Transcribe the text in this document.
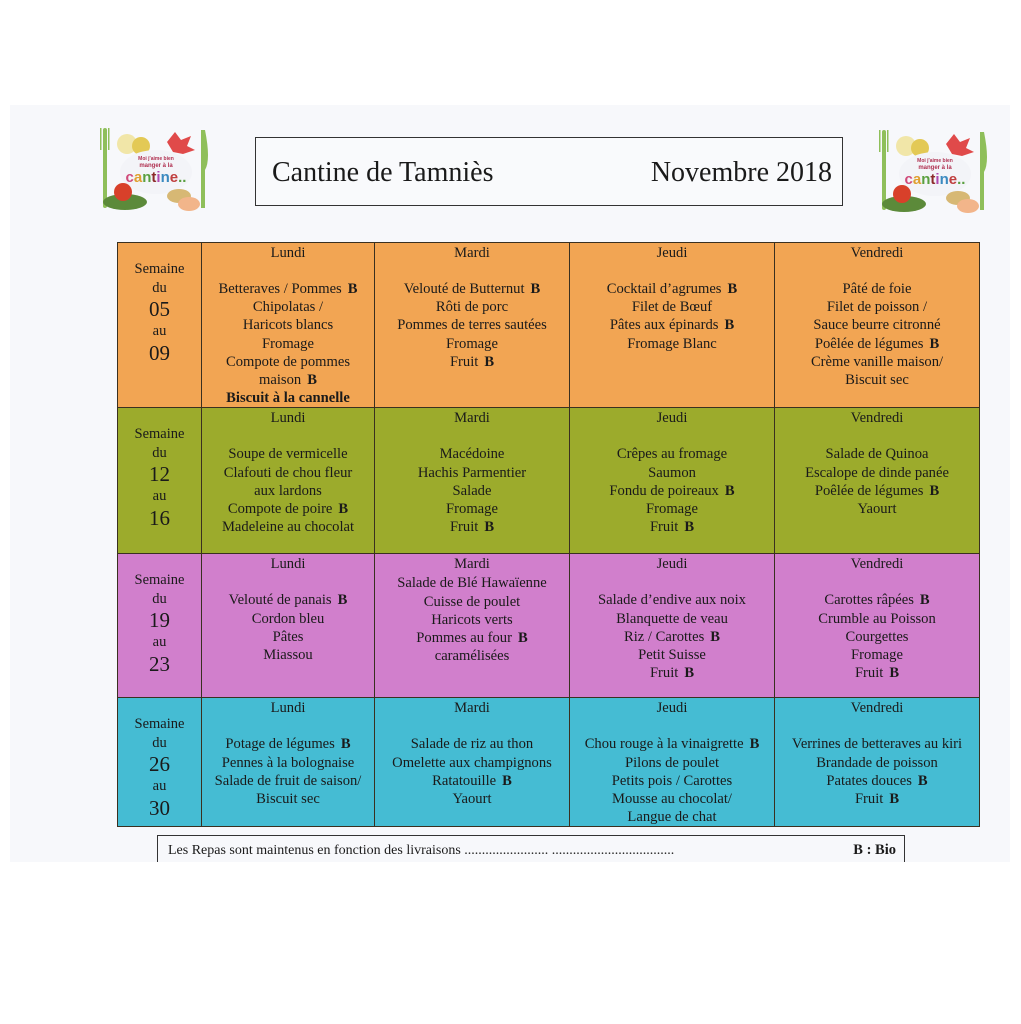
Moi j'aime bien
manger à la
cantine..
Moi j'aime bien
manger à la
cantine..
Cantine de Tamniès	Novembre 2018
Semaine
du
05
au
09

Lundi
Betteraves / Pommes B
Chipolatas /
Haricots blancs
Fromage
Compote de pommes
maison B
Biscuit à la cannelle

Mardi
Velouté de Butternut B
Rôti de porc
Pommes de terres sautées
Fromage
Fruit B

Jeudi
Cocktail d’agrumes B
Filet de Bœuf
Pâtes aux épinards B
Fromage Blanc

Vendredi
Pâté de foie
Filet de poisson /
Sauce beurre citronné
Poêlée de légumes B
Crème vanille maison/
Biscuit sec

Semaine
du
12
au
16

Lundi
Soupe de vermicelle
Clafouti de chou fleur
aux lardons
Compote de poire B
Madeleine au chocolat

Mardi
Macédoine
Hachis Parmentier
Salade
Fromage
Fruit B

Jeudi
Crêpes au fromage
Saumon
Fondu de poireaux B
Fromage
Fruit B

Vendredi
Salade de Quinoa
Escalope de dinde panée
Poêlée de légumes B
Yaourt

Semaine
du
19
au
23

Lundi
Velouté de panais B
Cordon bleu
Pâtes
Miassou

Mardi
Salade de Blé Hawaïenne
Cuisse de poulet
Haricots verts
Pommes au four B
caramélisées

Jeudi
Salade d’endive aux noix
Blanquette de veau
Riz / Carottes B
Petit Suisse
Fruit B

Vendredi
Carottes râpées B
Crumble au Poisson
Courgettes
Fromage
Fruit B

Semaine
du
26
au
30

Lundi
Potage de légumes B
Pennes à la bolognaise
Salade de fruit de saison/
Biscuit sec

Mardi
Salade de riz au thon
Omelette aux champignons
Ratatouille B
Yaourt

Jeudi
Chou rouge à la vinaigrette B
Pilons de poulet
Petits pois / Carottes
Mousse au chocolat/
Langue de chat

Vendredi
Verrines de betteraves au kiri
Brandade de poisson
Patates douces B
Fruit B
Les Repas sont maintenus en fonction des livraisons ........................ ...................................	B : Bio
